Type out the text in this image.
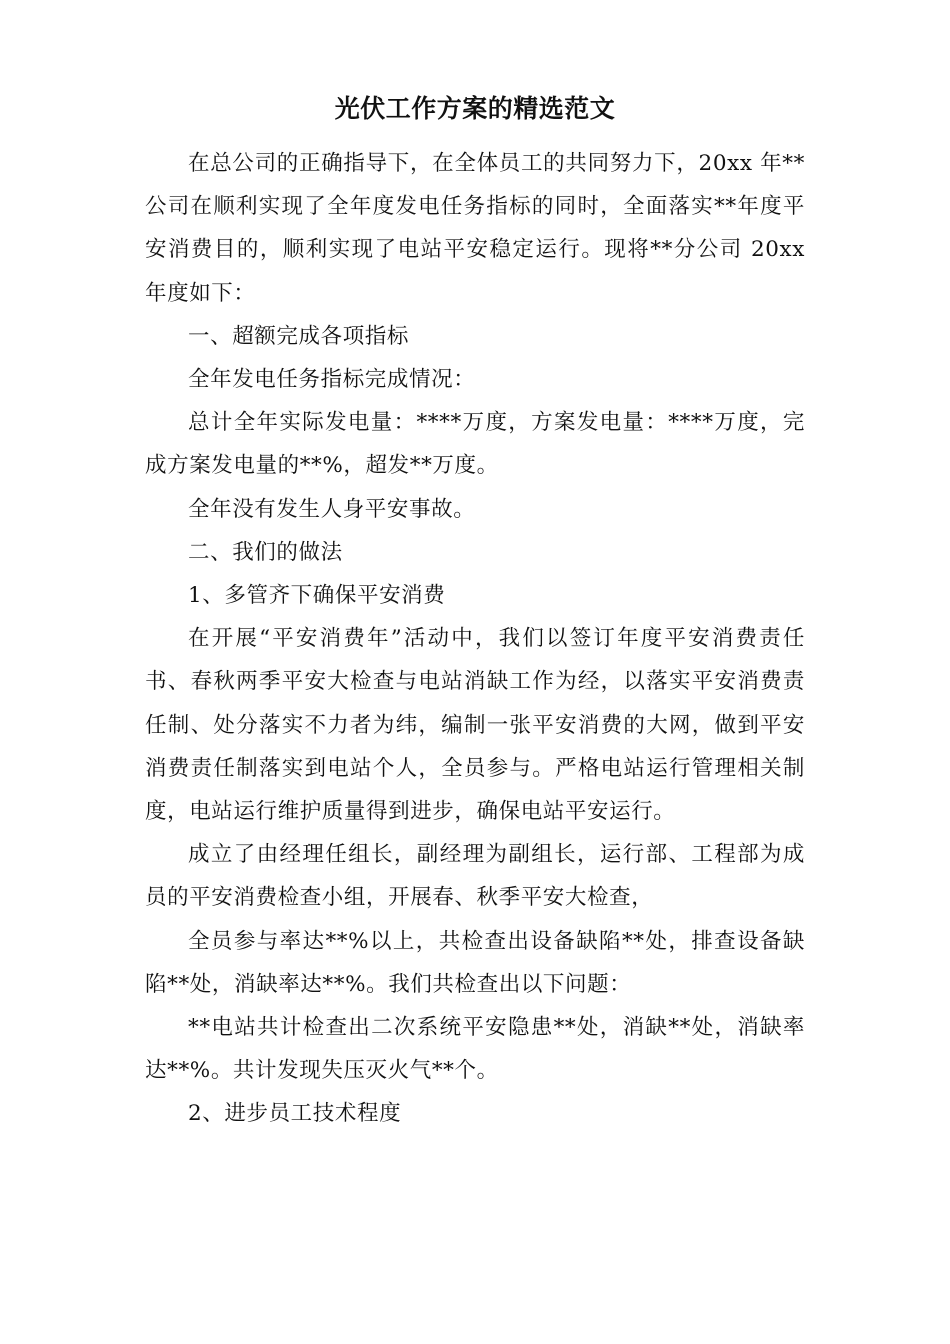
光伏工作方案的精选范文

在总公司的正确指导下，在全体员工的共同努力下，20xx 年**公司在顺利实现了全年度发电任务指标的同时，全面落实**年度平安消费目的，顺利实现了电站平安稳定运行。现将**分公司 20xx 年度如下：

一、超额完成各项指标

全年发电任务指标完成情况：

总计全年实际发电量：****万度，方案发电量：****万度，完成方案发电量的**%，超发**万度。

全年没有发生人身平安事故。

二、我们的做法

1、多管齐下确保平安消费

在开展“平安消费年”活动中，我们以签订年度平安消费责任书、春秋两季平安大检查与电站消缺工作为经，以落实平安消费责任制、处分落实不力者为纬，编制一张平安消费的大网，做到平安消费责任制落实到电站个人，全员参与。严格电站运行管理相关制度，电站运行维护质量得到进步，确保电站平安运行。

成立了由经理任组长，副经理为副组长，运行部、工程部为成员的平安消费检查小组，开展春、秋季平安大检查，

全员参与率达**%以上，共检查出设备缺陷**处，排查设备缺陷**处，消缺率达**%。我们共检查出以下问题：

**电站共计检查出二次系统平安隐患**处，消缺**处，消缺率达**%。共计发现失压灭火气**个。

2、进步员工技术程度
